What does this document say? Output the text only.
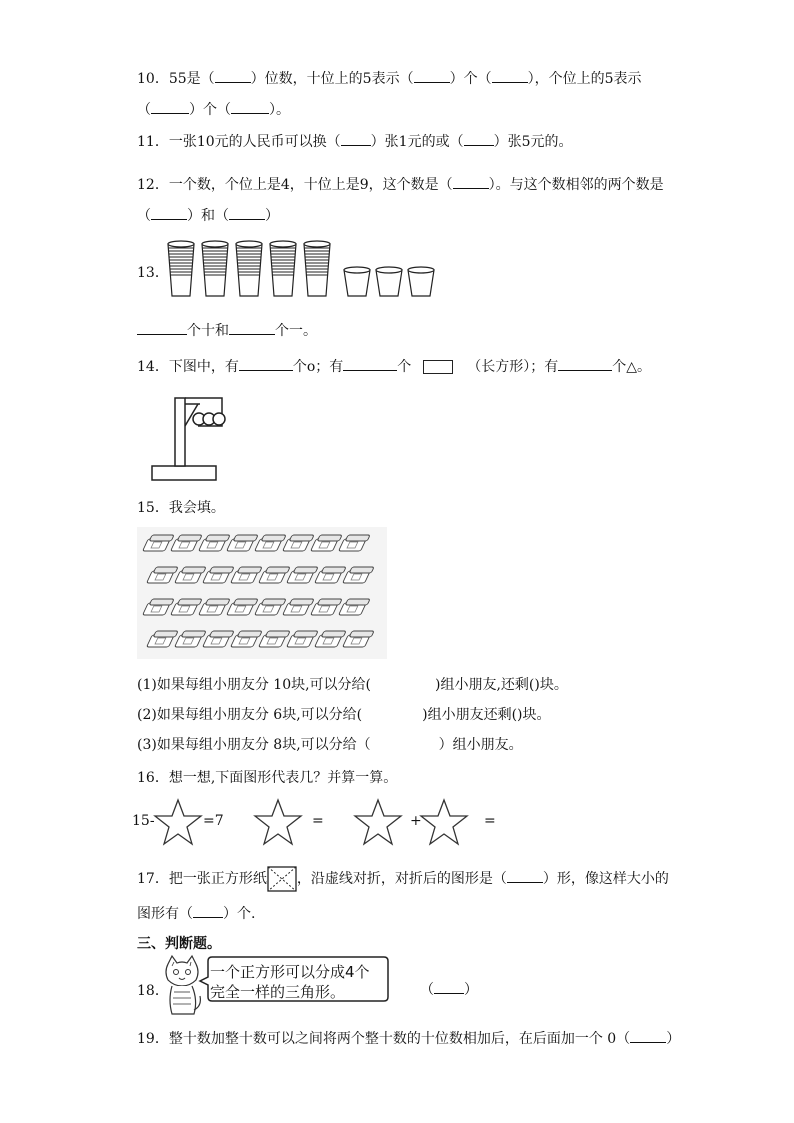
10．55是（	）位数，十位上的5表示（	）个（	），个位上的5表示
（	）个（	）。
11．一张10元的人民币可以换（ ）张1元的或（ ）张5元的。
12．一个数，个位上是4，十位上是9，这个数是（	）。与这个数相邻的两个数是
（	）和（	）
13．
个十和	个一。
14．下图中，有	个o；有	个	（长方形）；有	个△。
15．我会填。
(1)如果每组小朋友分 10块,可以分给(	)组小朋友,还剩()块。
(2)如果每组小朋友分 6块,可以分给(	)组小朋友还剩()块。
(3)如果每组小朋友分 8块,可以分给（	）组小朋友。
16．想一想,下面图形代表几？并算一算。
15-	=7	=	+	=
17．把一张正方形纸 ，沿虚线对折，对折后的图形是（	）形，像这样大小的
图形有（ ）个.
三、判断题。
18．
一个正方形可以分成4个
完全一样的三角形。	（ ）
19．整十数加整十数可以之间将两个整十数的十位数相加后，在后面加一个 0（	）
